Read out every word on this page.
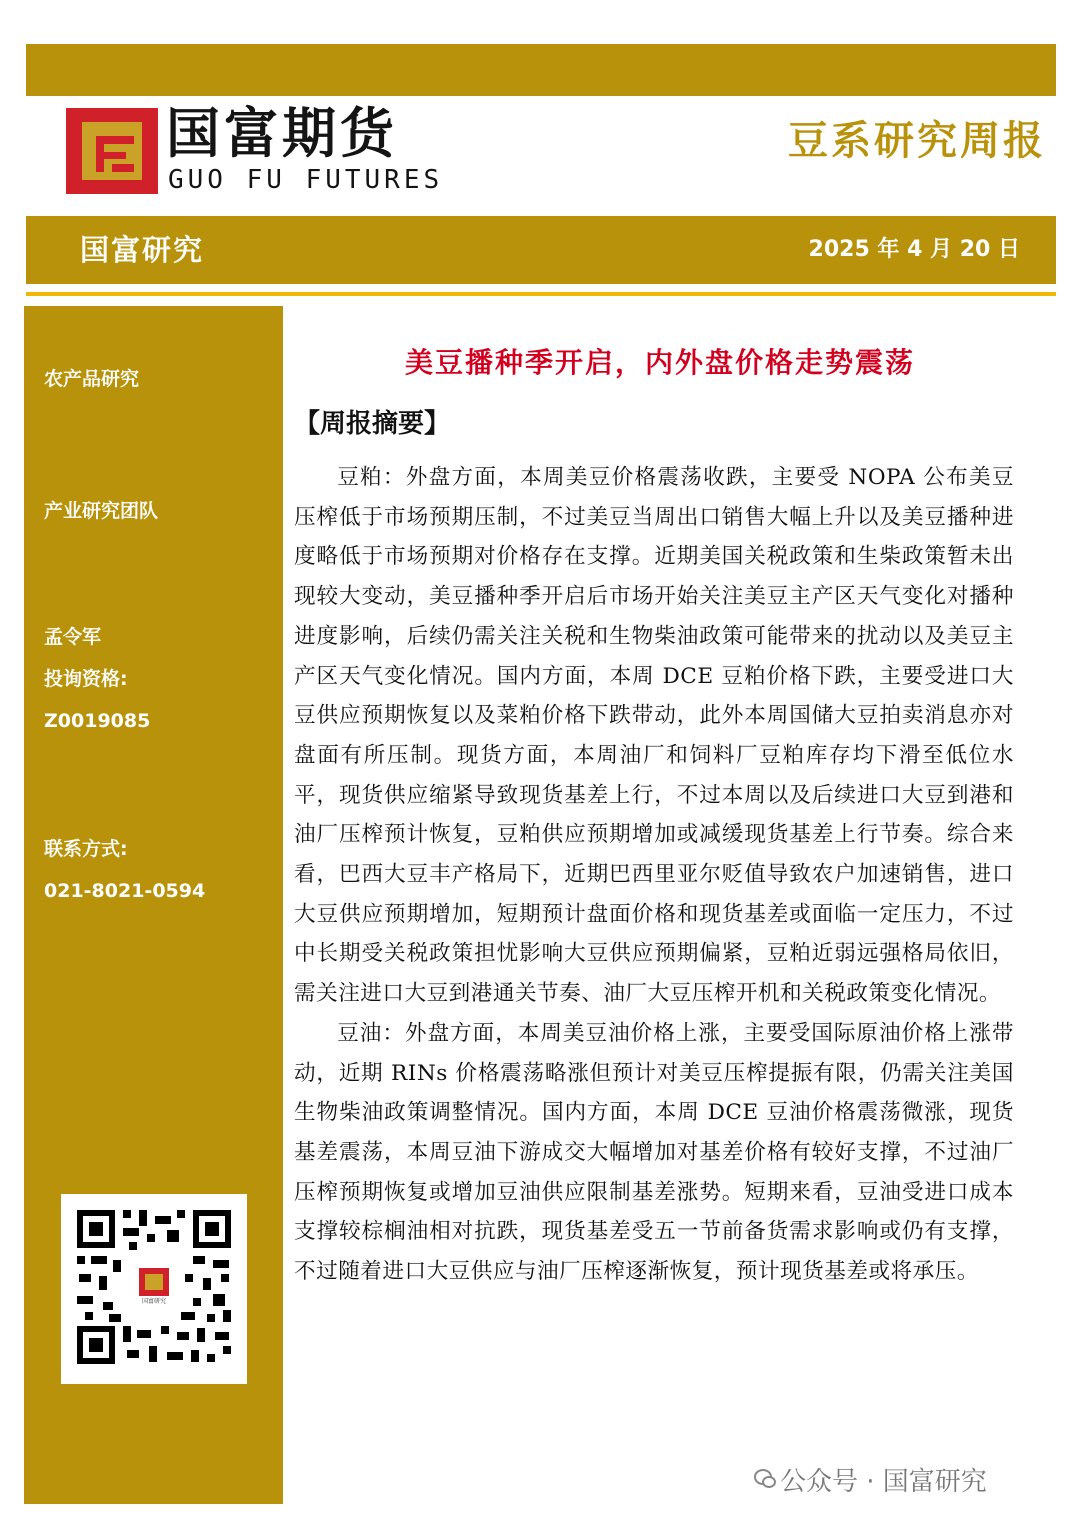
国富期货
GUO FU FUTURES
豆系研究周报
国富研究	2025 年 4 月 20 日
农产品研究
产业研究团队
孟令军
投询资格:
Z0019085
联系方式:
021-8021-0594
国富研究
美豆播种季开启，内外盘价格走势震荡
【周报摘要】

豆粕：外盘方面，本周美豆价格震荡收跌，主要受 NOPA 公布美豆压榨低于市场预期压制，不过美豆当周出口销售大幅上升以及美豆播种进度略低于市场预期对价格存在支撑。近期美国关税政策和生柴政策暂未出现较大变动，美豆播种季开启后市场开始关注美豆主产区天气变化对播种进度影响，后续仍需关注关税和生物柴油政策可能带来的扰动以及美豆主产区天气变化情况。国内方面，本周 DCE 豆粕价格下跌，主要受进口大豆供应预期恢复以及菜粕价格下跌带动，此外本周国储大豆拍卖消息亦对盘面有所压制。现货方面，本周油厂和饲料厂豆粕库存均下滑至低位水平，现货供应缩紧导致现货基差上行，不过本周以及后续进口大豆到港和油厂压榨预计恢复，豆粕供应预期增加或减缓现货基差上行节奏。综合来看，巴西大豆丰产格局下，近期巴西里亚尔贬值导致农户加速销售，进口大豆供应预期增加，短期预计盘面价格和现货基差或面临一定压力，不过中长期受关税政策担忧影响大豆供应预期偏紧，豆粕近弱远强格局依旧，需关注进口大豆到港通关节奏、油厂大豆压榨开机和关税政策变化情况。

豆油：外盘方面，本周美豆油价格上涨，主要受国际原油价格上涨带动，近期 RINs 价格震荡略涨但预计对美豆压榨提振有限，仍需关注美国生物柴油政策调整情况。国内方面，本周 DCE 豆油价格震荡微涨，现货基差震荡，本周豆油下游成交大幅增加对基差价格有较好支撑，不过油厂压榨预期恢复或增加豆油供应限制基差涨势。短期来看，豆油受进口成本支撑较棕榈油相对抗跌，现货基差受五一节前备货需求影响或仍有支撑，不过随着进口大豆供应与油厂压榨逐渐恢复，预计现货基差或将承压。

公众号 · 国富研究
